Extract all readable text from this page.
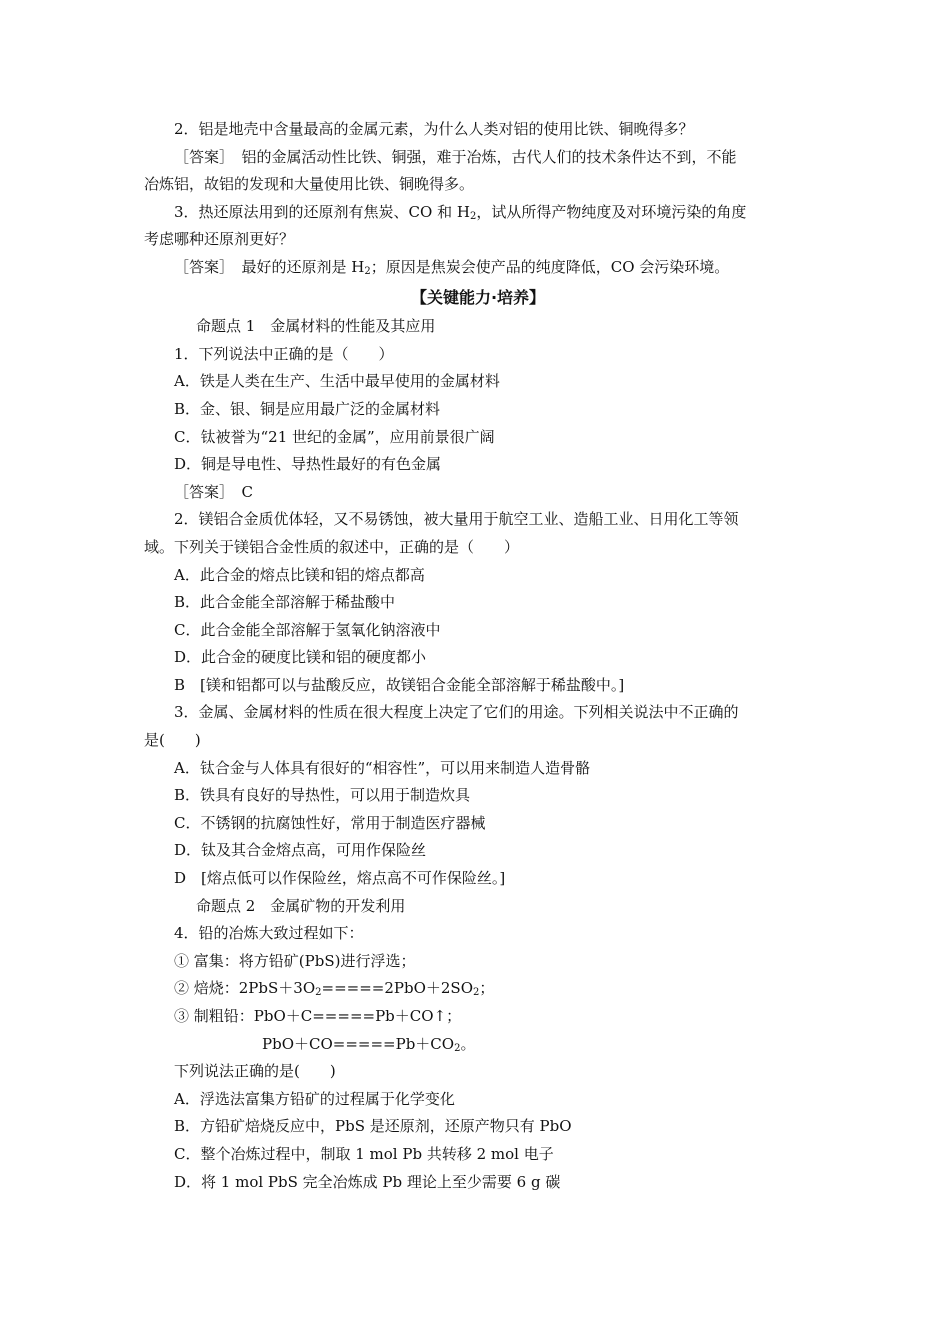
2．铝是地壳中含量最高的金属元素，为什么人类对铝的使用比铁、铜晚得多？

［答案］　铝的金属活动性比铁、铜强，难于冶炼，古代人们的技术条件达不到，不能

冶炼铝，故铝的发现和大量使用比铁、铜晚得多。

3．热还原法用到的还原剂有焦炭、CO 和 $H_2$，试从所得产物纯度及对环境污染的角度

考虑哪种还原剂更好？

［答案］　最好的还原剂是 $H_2$；原因是焦炭会使产品的纯度降低，CO 会污染环境。

【关键能力·培养】

命题点 1　金属材料的性能及其应用

1．下列说法中正确的是（　　）

A．铁是人类在生产、生活中最早使用的金属材料

B．金、银、铜是应用最广泛的金属材料

C．钛被誉为“21 世纪的金属”，应用前景很广阔

D．铜是导电性、导热性最好的有色金属

［答案］　C

2．镁铝合金质优体轻，又不易锈蚀，被大量用于航空工业、造船工业、日用化工等领

域。下列关于镁铝合金性质的叙述中，正确的是（　　）

A．此合金的熔点比镁和铝的熔点都高

B．此合金能全部溶解于稀盐酸中

C．此合金能全部溶解于氢氧化钠溶液中

D．此合金的硬度比镁和铝的硬度都小

B　[镁和铝都可以与盐酸反应，故镁铝合金能全部溶解于稀盐酸中。]

3．金属、金属材料的性质在很大程度上决定了它们的用途。下列相关说法中不正确的

是(　　)

A．钛合金与人体具有很好的“相容性”，可以用来制造人造骨骼

B．铁具有良好的导热性，可以用于制造炊具

C．不锈钢的抗腐蚀性好，常用于制造医疗器械

D．钛及其合金熔点高，可用作保险丝

D　[熔点低可以作保险丝，熔点高不可作保险丝。]

命题点 2　金属矿物的开发利用

4．铅的冶炼大致过程如下：

① 富集：将方铅矿(PbS)进行浮选；

② 焙烧：$2PbS+3O_2=====2PbO+2SO_2$；

③ 制粗铅：PbO＋C=====Pb＋CO↑；

$PbO+CO=====Pb+CO_2$。

下列说法正确的是(　　)

A．浮选法富集方铅矿的过程属于化学变化

B．方铅矿焙烧反应中，PbS 是还原剂，还原产物只有 PbO

C．整个冶炼过程中，制取 1 mol Pb 共转移 2 mol 电子

D．将 1 mol PbS 完全冶炼成 Pb 理论上至少需要 6 g 碳
